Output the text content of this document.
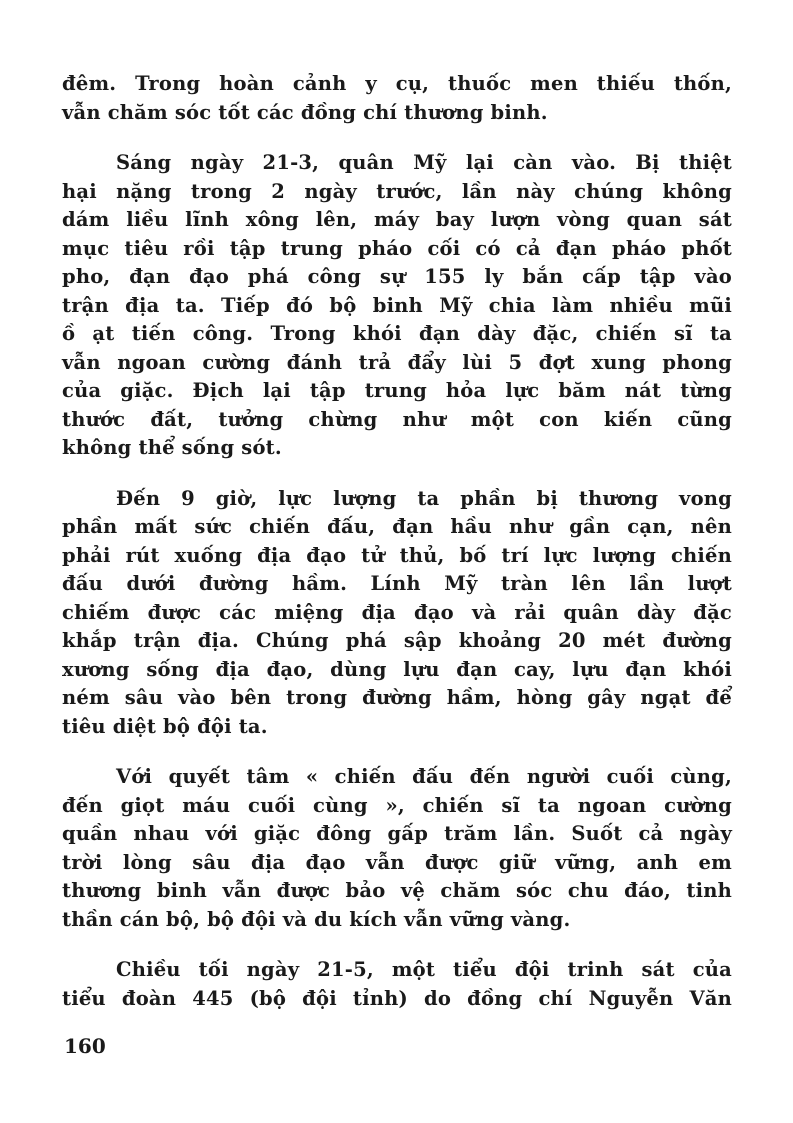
đêm. Trong hoàn cảnh y cụ, thuốc men thiếu thốn,
vẫn chăm sóc tốt các đồng chí thương binh.
Sáng ngày 21-3, quân Mỹ lại càn vào. Bị thiệt
hại nặng trong 2 ngày trước, lần này chúng không
dám liều lĩnh xông lên, máy bay lượn vòng quan sát
mục tiêu rồi tập trung pháo cối có cả đạn pháo phốt
pho, đạn đạo phá công sự 155 ly bắn cấp tập vào
trận địa ta. Tiếp đó bộ binh Mỹ chia làm nhiều mũi
ồ ạt tiến công. Trong khói đạn dày đặc, chiến sĩ ta
vẫn ngoan cường đánh trả đẩy lùi 5 đợt xung phong
của giặc. Địch lại tập trung hỏa lực băm nát từng
thước đất, tưởng chừng như một con kiến cũng
không thể sống sót.
Đến 9 giờ, lực lượng ta phần bị thương vong
phần mất sức chiến đấu, đạn hầu như gần cạn, nên
phải rút xuống địa đạo tử thủ, bố trí lực lượng chiến
đấu dưới đường hầm. Lính Mỹ tràn lên lần lượt
chiếm được các miệng địa đạo và rải quân dày đặc
khắp trận địa. Chúng phá sập khoảng 20 mét đường
xương sống địa đạo, dùng lựu đạn cay, lựu đạn khói
ném sâu vào bên trong đường hầm, hòng gây ngạt để
tiêu diệt bộ đội ta.
Với quyết tâm « chiến đấu đến người cuối cùng,
đến giọt máu cuối cùng », chiến sĩ ta ngoan cường
quần nhau với giặc đông gấp trăm lần. Suốt cả ngày
trời lòng sâu địa đạo vẫn được giữ vững, anh em
thương binh vẫn được bảo vệ chăm sóc chu đáo, tinh
thần cán bộ, bộ đội và du kích vẫn vững vàng.
Chiều tối ngày 21-5, một tiểu đội trinh sát của
tiểu đoàn 445 (bộ đội tỉnh) do đồng chí Nguyễn Văn
160
